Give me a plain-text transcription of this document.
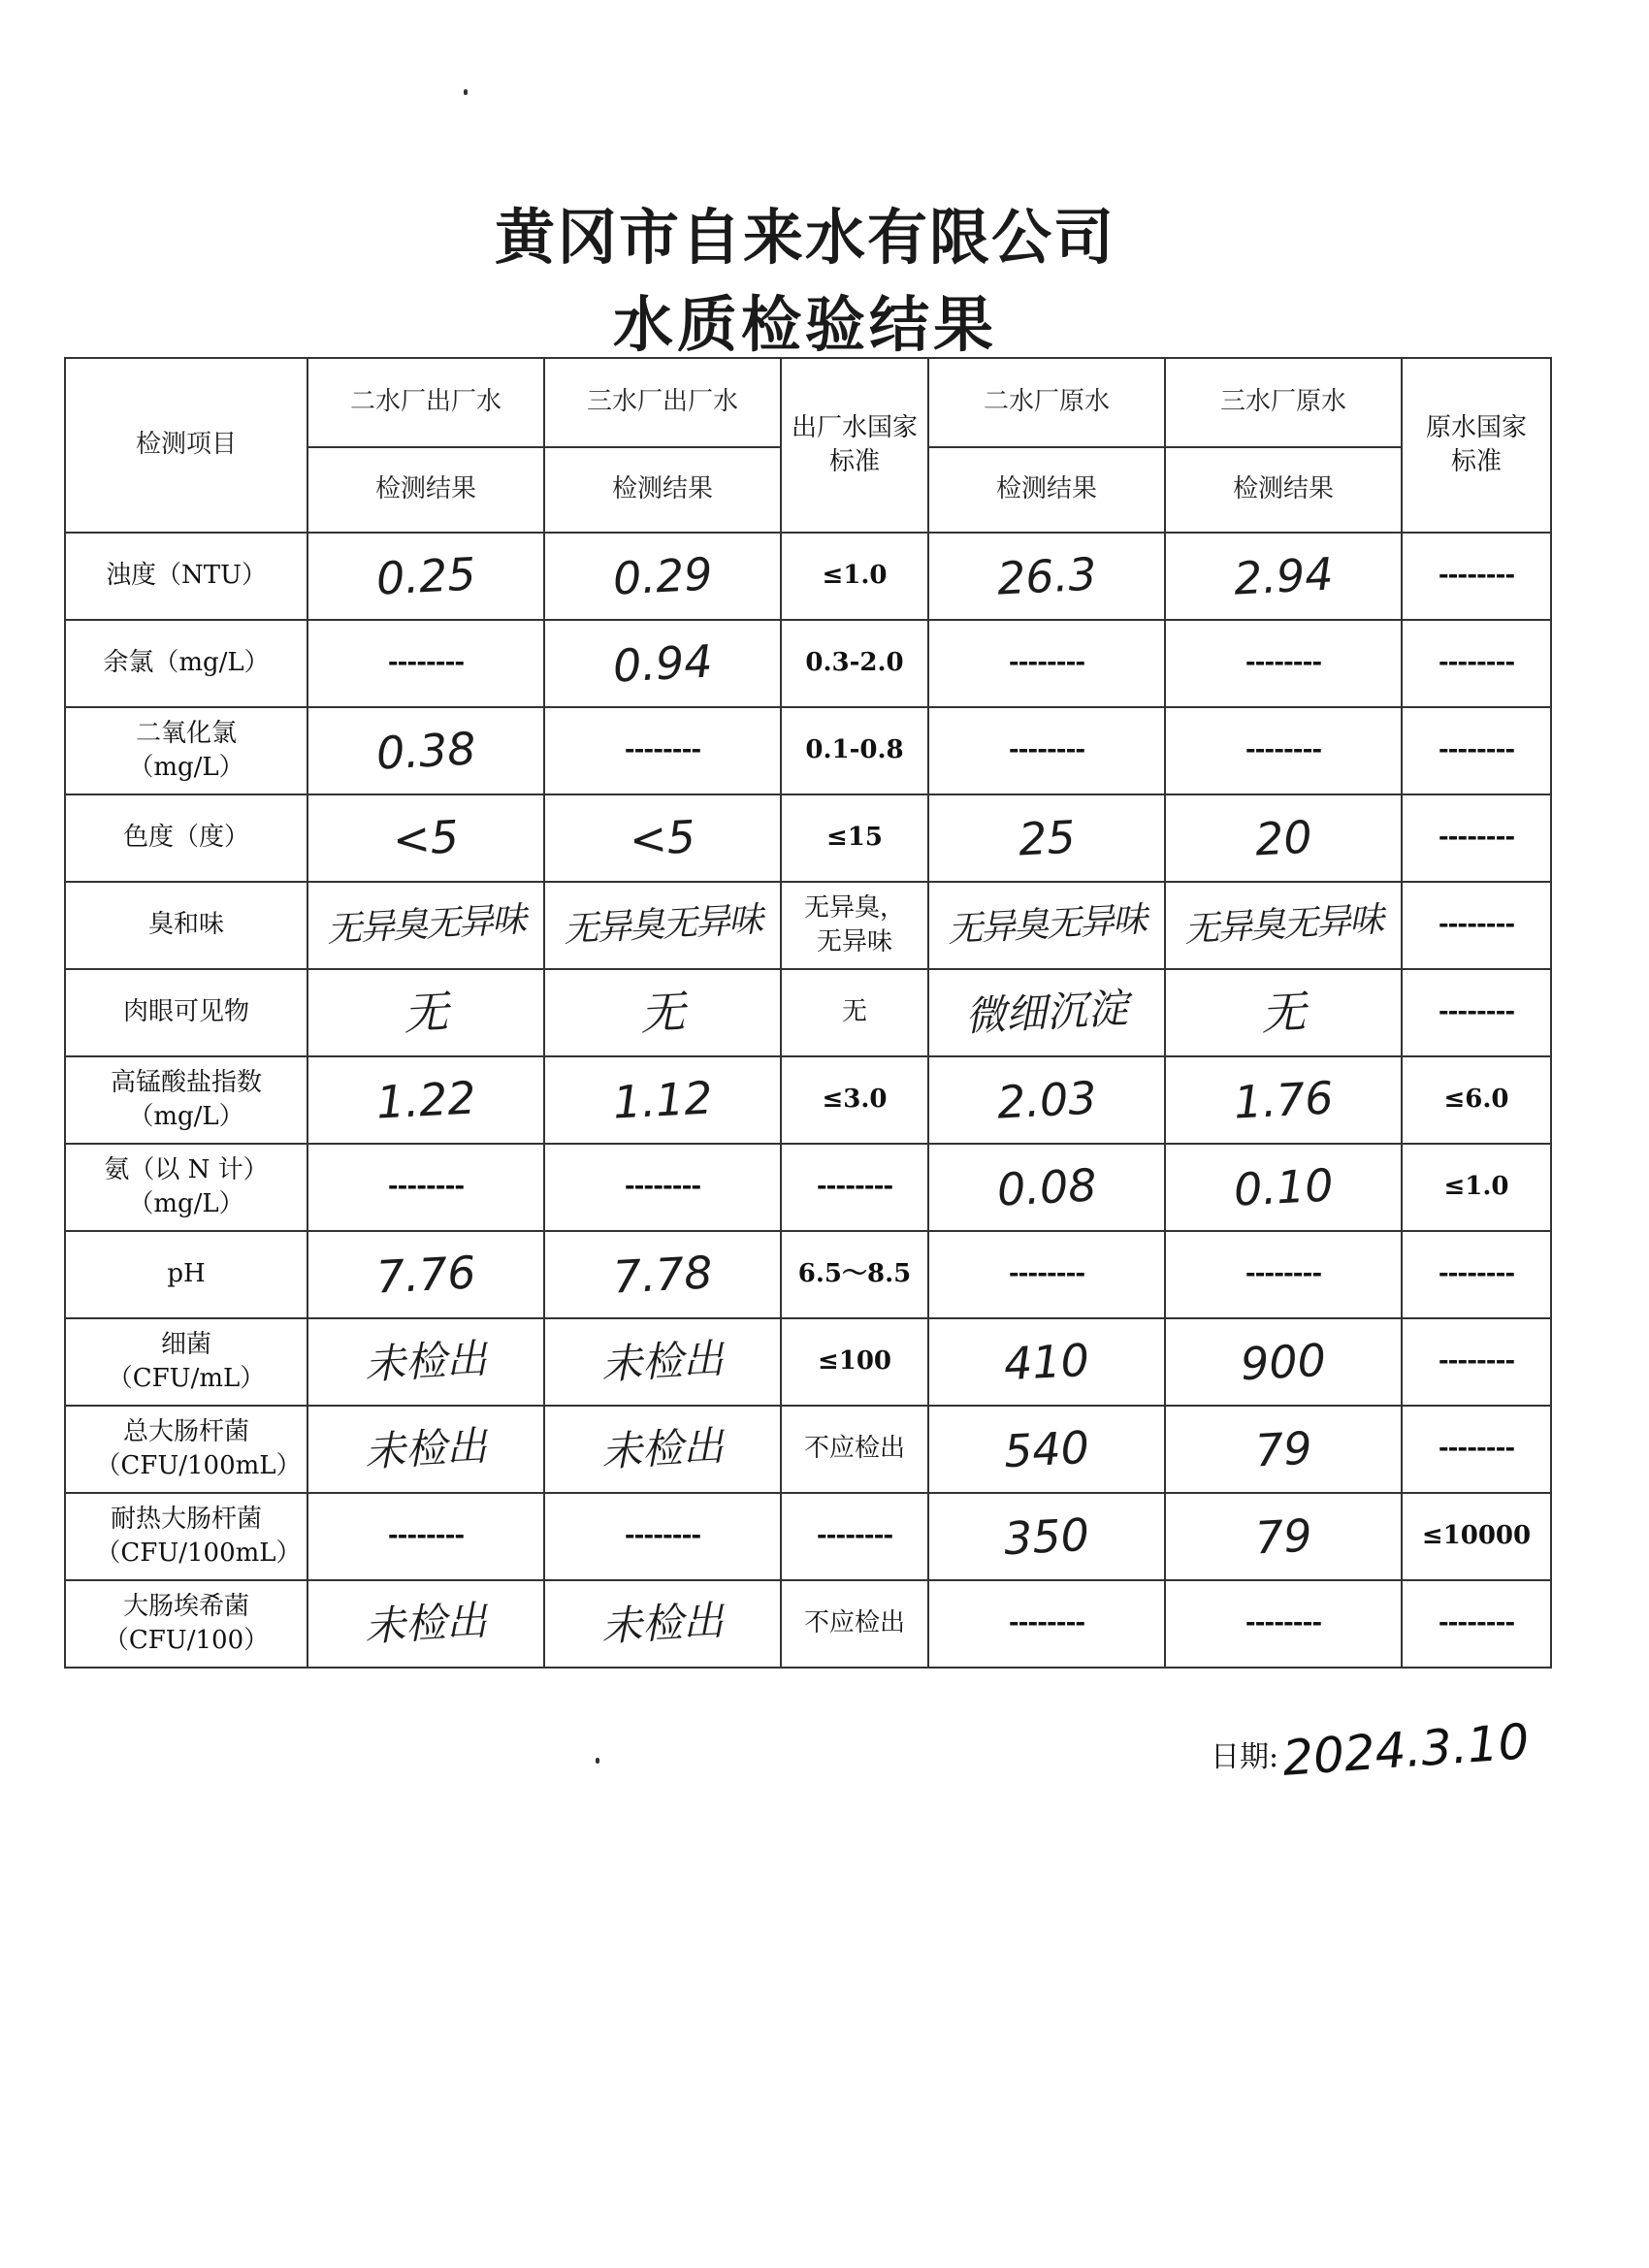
黄冈市自来水有限公司
水质检验结果
检测项目	二水厂出厂水	三水厂出厂水	出厂水国家标准	二水厂原水	三水厂原水	原水国家标准
	检测结果	检测结果		检测结果	检测结果	
浊度（NTU）	0.25	0.29	≤1.0	26.3	2.94	--------
余氯（mg/L）	--------	0.94	0.3-2.0	--------	--------	--------
二氧化氯（mg/L）	0.38	--------	0.1-0.8	--------	--------	--------
色度（度）	<5	<5	≤15	25	20	--------
臭和味	无异臭无异味	无异臭无异味	无异臭，无异味	无异臭无异味	无异臭无异味	--------
肉眼可见物	无	无	无	微细沉淀	无	--------
高锰酸盐指数（mg/L）	1.22	1.12	≤3.0	2.03	1.76	≤6.0
氨（以 N 计）（mg/L）	--------	--------	--------	0.08	0.10	≤1.0
pH	7.76	7.78	6.5～8.5	--------	--------	--------
细菌（CFU/mL）	未检出	未检出	≤100	410	900	--------
总大肠杆菌（CFU/100mL）	未检出	未检出	不应检出	540	79	--------
耐热大肠杆菌（CFU/100mL）	--------	--------	--------	350	79	≤10000
大肠埃希菌（CFU/100）	未检出	未检出	不应检出	--------	--------	--------
日期:2024.3.10
